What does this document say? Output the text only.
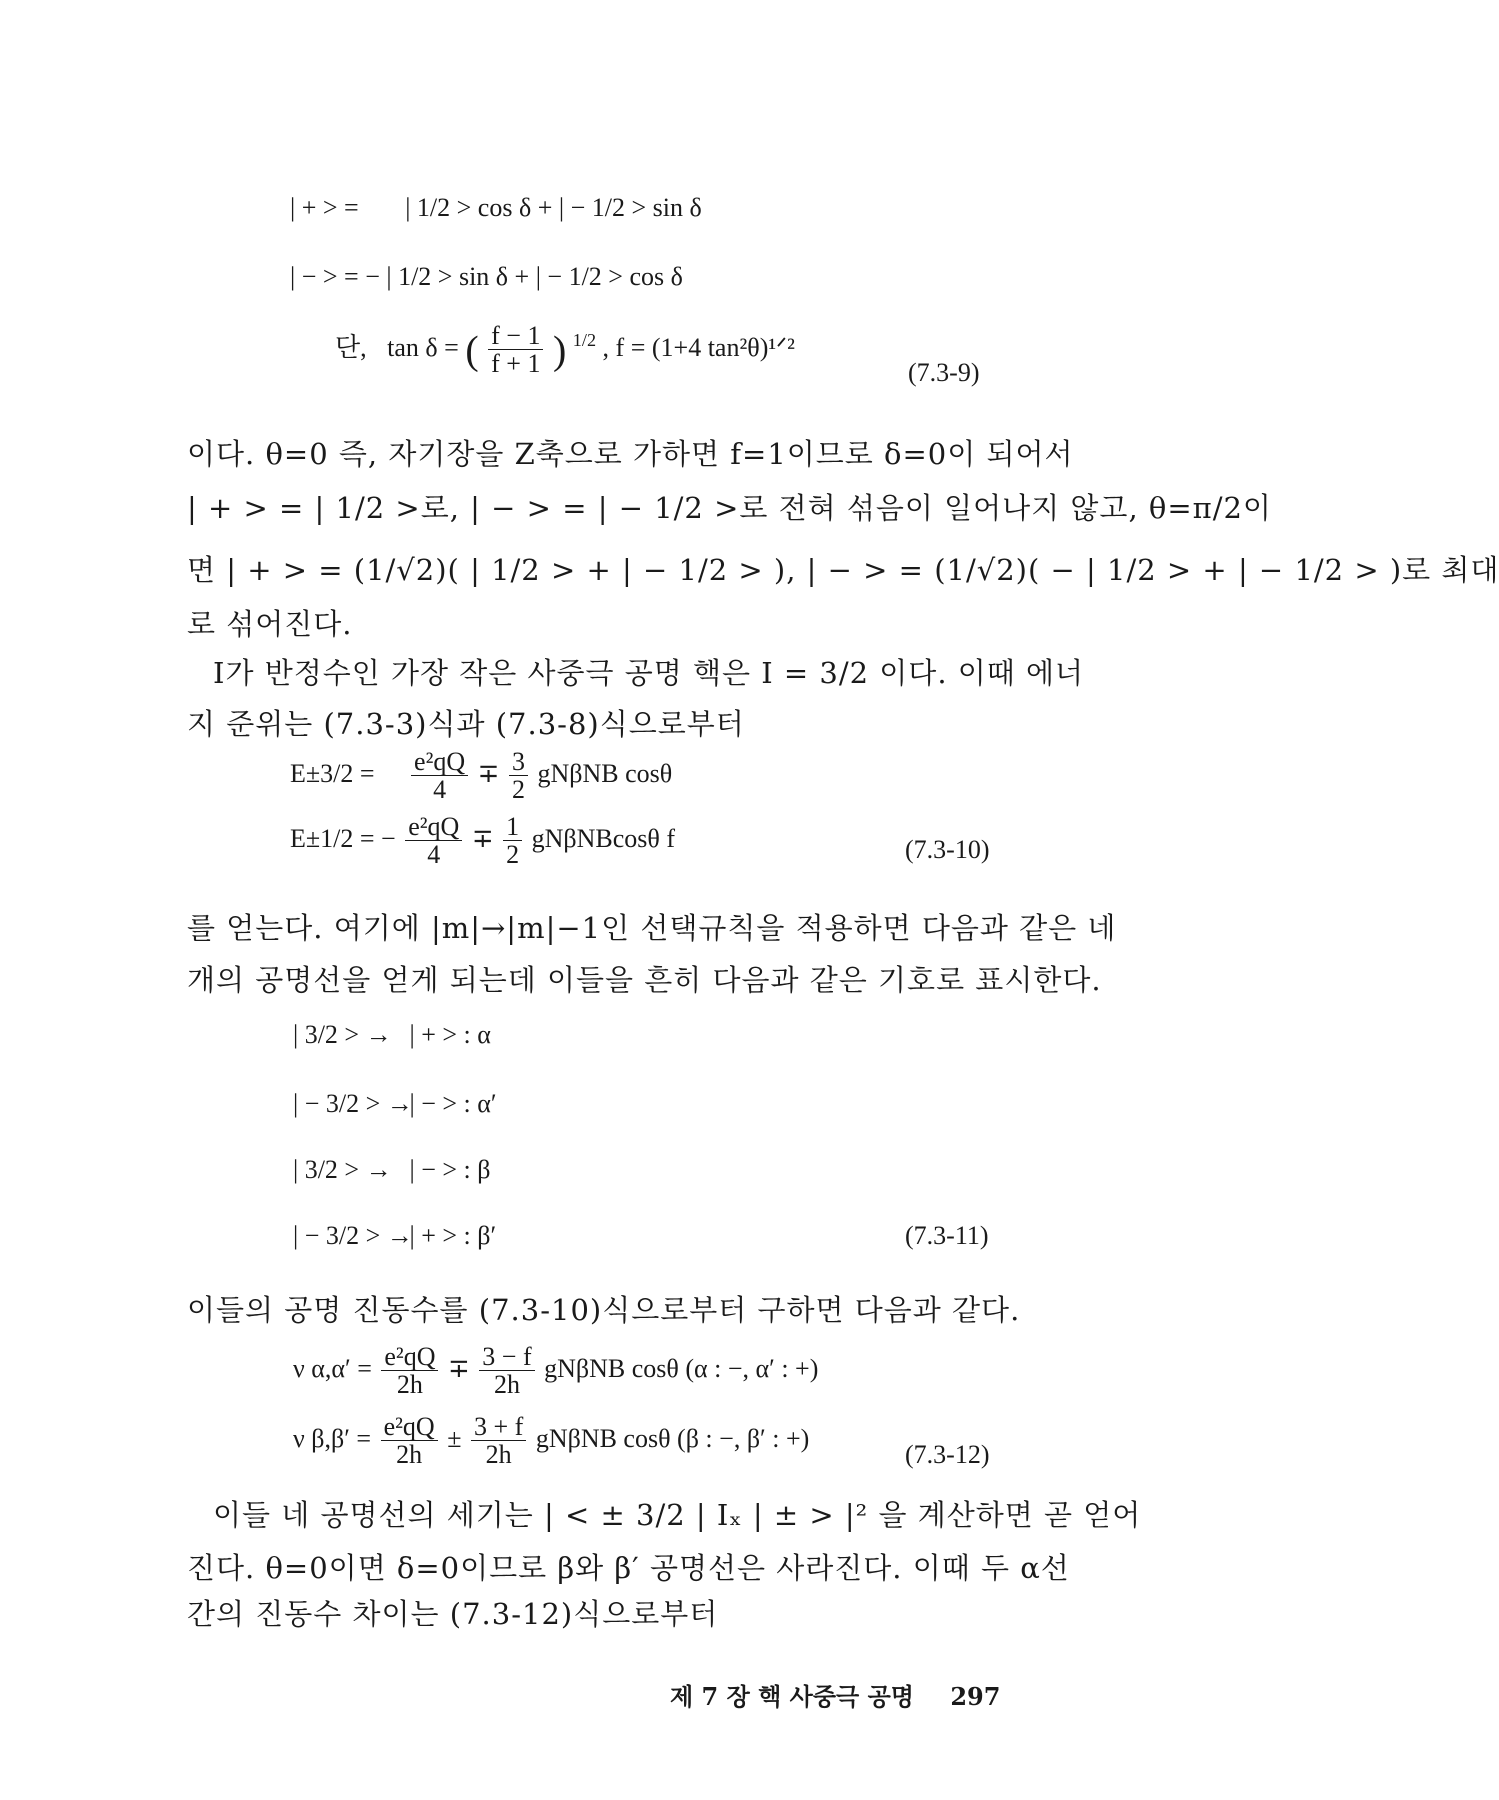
| + > = | 1/2 > cos δ + | − 1/2 > sin δ
| − > = − | 1/2 > sin δ + | − 1/2 > cos δ
단, tan δ = ( $\frac{f - 1}{f + 1}$ ) $^{1/2}$ , f = (1+4 tan²θ)¹ᐟ²
(7.3-9)
이다. θ=0 즉, 자기장을 Z축으로 가하면 f=1이므로 δ=0이 되어서
| + > = | 1/2 >로, | − > = | − 1/2 >로 전혀 섞음이 일어나지 않고, θ=π/2이
면 | + > = (1/√2)( | 1/2 > + | − 1/2 > ), | − > = (1/√2)( − | 1/2 > + | − 1/2 > )로 최대
로 섞어진다.
I가 반정수인 가장 작은 사중극 공명 핵은 I = 3/2 이다. 이때 에너
지 준위는 (7.3-3)식과 (7.3-8)식으로부터
$E\pm 3/2 = \frac{\text{e²qQ}}{4} \mp \frac{3}{2}$ gNβNB cosθ
E±1/2 = − $\frac{\text{e²qQ}}{4} \mp \frac{1}{2}$ gNβNBcosθ f	(7.3-10)
를 얻는다. 여기에 |m|→|m|−1인 선택규칙을 적용하면 다음과 같은 네
개의 공명선을 얻게 되는데 이들을 흔히 다음과 같은 기호로 표시한다.
| 3/2 > → | + > : α
| − 3/2 > → | − > : α′
| 3/2 > → | − > : β
| − 3/2 > → | + > : β′	(7.3-11)
이들의 공명 진동수를 (7.3-10)식으로부터 구하면 다음과 같다.
ν $\alpha,\alpha' = \frac{\text{e²qQ}}{2h} \mp \frac{3 - f}{2h}$ gNβNB cosθ (α : −, α′ : +)
ν $\beta,\beta' = \frac{\text{e²qQ}}{2h} \pm \frac{3 + f}{2h}$ gNβNB cosθ (β : −, β′ : +)
(7.3-12)
이들 네 공명선의 세기는 | < ± 3/2 | Iₓ | ± > |² 을 계산하면 곧 얻어
진다. θ=0이면 δ=0이므로 β와 β′ 공명선은 사라진다. 이때 두 α선
간의 진동수 차이는 (7.3-12)식으로부터
제 7 장 핵 사중극 공명 297
